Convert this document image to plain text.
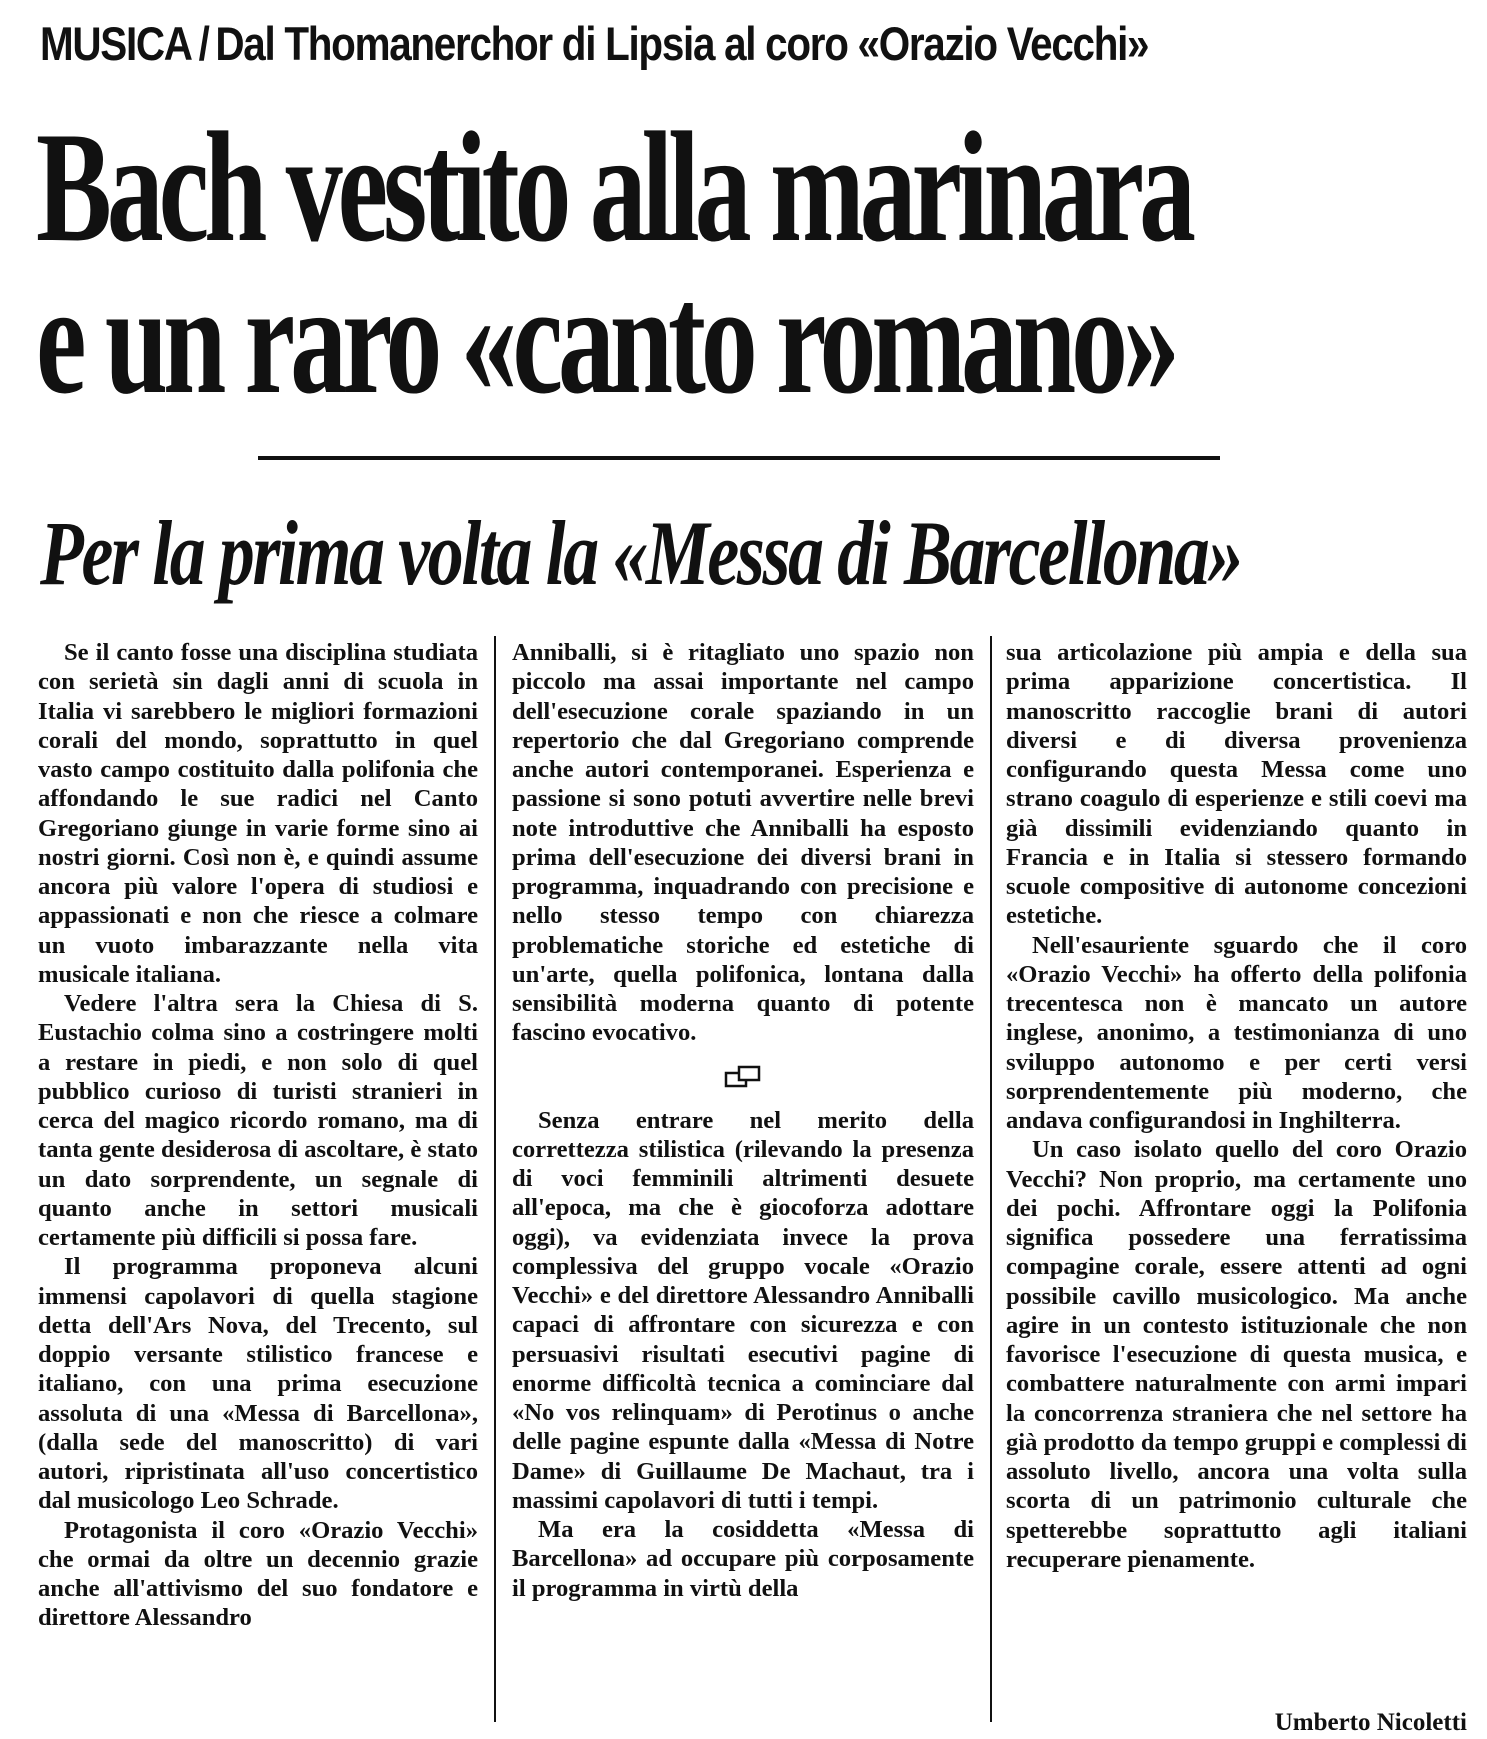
MUSICA / Dal Thomanerchor di Lipsia al coro «Orazio Vecchi»
Bach vestito alla marinara
e un raro «canto romano»
Per la prima volta la «Messa di Barcellona»

Se il canto fosse una disciplina studiata con serietà sin dagli anni di scuola in Italia vi sarebbero le migliori formazioni corali del mondo, soprattutto in quel vasto campo costituito dalla polifonia che affondando le sue radici nel Canto Gregoriano giunge in varie forme sino ai nostri giorni. Così non è, e quindi assume ancora più valore l'opera di studiosi e appassionati e non che riesce a colmare un vuoto imbarazzante nella vita musicale italiana.

Vedere l'altra sera la Chiesa di S. Eustachio colma sino a costringere molti a restare in piedi, e non solo di quel pubblico curioso di turisti stranieri in cerca del magico ricordo romano, ma di tanta gente desiderosa di ascoltare, è stato un dato sorprendente, un segnale di quanto anche in settori musicali certamente più difficili si possa fare.

Il programma proponeva alcuni immensi capolavori di quella stagione detta dell'Ars Nova, del Trecento, sul doppio versante stilistico francese e italiano, con una prima esecuzione assoluta di una «Messa di Barcellona», (dalla sede del manoscritto) di vari autori, ripristinata all'uso concertistico dal musicologo Leo Schrade.

Protagonista il coro «Orazio Vecchi» che ormai da oltre un decennio grazie anche all'attivismo del suo fondatore e direttore Alessandro

Anniballi, si è ritagliato uno spazio non piccolo ma assai importante nel campo dell'esecuzione corale spaziando in un repertorio che dal Gregoriano comprende anche autori contemporanei. Esperienza e passione si sono potuti avvertire nelle brevi note introduttive che Anniballi ha esposto prima dell'esecuzione dei diversi brani in programma, inquadrando con precisione e nello stesso tempo con chiarezza problematiche storiche ed estetiche di un'arte, quella polifonica, lontana dalla sensibilità moderna quanto di potente fascino evocativo.

Senza entrare nel merito della correttezza stilistica (rilevando la presenza di voci femminili altrimenti desuete all'epoca, ma che è giocoforza adottare oggi), va evidenziata invece la prova complessiva del gruppo vocale «Orazio Vecchi» e del direttore Alessandro Anniballi capaci di affrontare con sicurezza e con persuasivi risultati esecutivi pagine di enorme difficoltà tecnica a cominciare dal «No vos relinquam» di Perotinus o anche delle pagine espunte dalla «Messa di Notre Dame» di Guillaume De Machaut, tra i massimi capolavori di tutti i tempi.

Ma era la cosiddetta «Messa di Barcellona» ad occupare più corposamente il programma in virtù della

sua articolazione più ampia e della sua prima apparizione concertistica. Il manoscritto raccoglie brani di autori diversi e di diversa provenienza configurando questa Messa come uno strano coagulo di esperienze e stili coevi ma già dissimili evidenziando quanto in Francia e in Italia si stessero formando scuole compositive di autonome concezioni estetiche.

Nell'esauriente sguardo che il coro «Orazio Vecchi» ha offerto della polifonia trecentesca non è mancato un autore inglese, anonimo, a testimonianza di uno sviluppo autonomo e per certi versi sorprendentemente più moderno, che andava configurandosi in Inghilterra.

Un caso isolato quello del coro Orazio Vecchi? Non proprio, ma certamente uno dei pochi. Affrontare oggi la Polifonia significa possedere una ferratissima compagine corale, essere attenti ad ogni possibile cavillo musicologico. Ma anche agire in un contesto istituzionale che non favorisce l'esecuzione di questa musica, e combattere naturalmente con armi impari la concorrenza straniera che nel settore ha già prodotto da tempo gruppi e complessi di assoluto livello, ancora una volta sulla scorta di un patrimonio culturale che spetterebbe soprattutto agli italiani recuperare pienamente.

Umberto Nicoletti
